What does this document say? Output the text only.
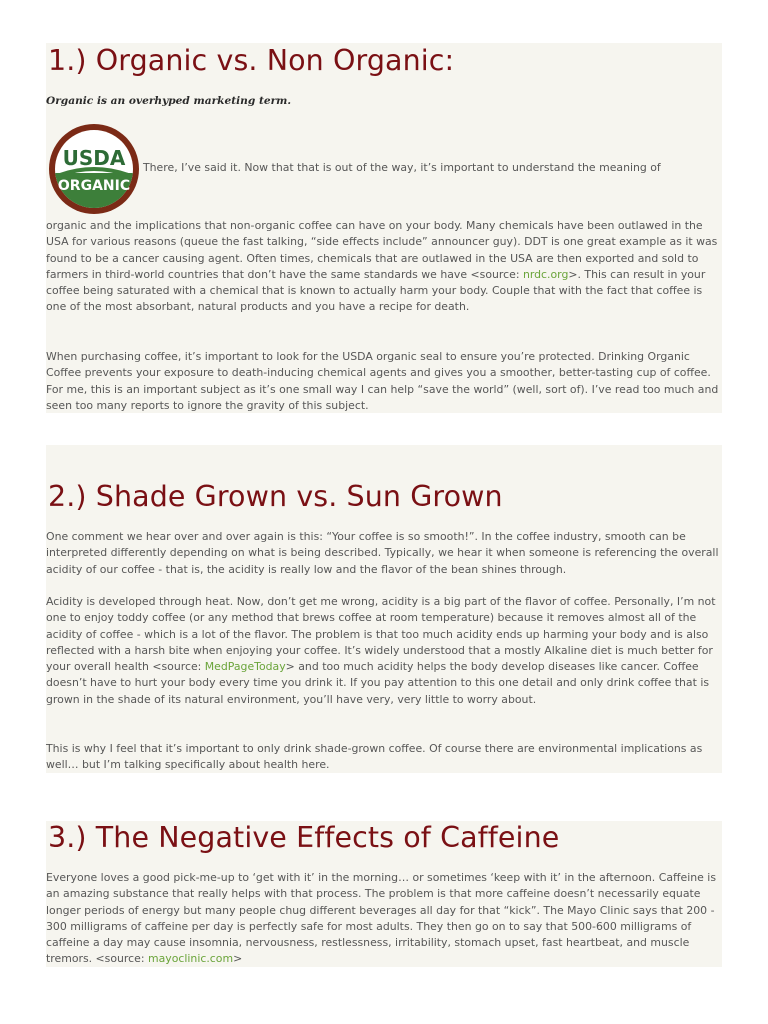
1.) Organic vs. Non Organic:

Organic is an overhyped marketing term.

USDA
ORGANIC
There, I’ve said it. Now that that is out of the way, it’s important to understand the meaning of

organic and the implications that non-organic coffee can have on your body. Many chemicals have been outlawed in the USA for various reasons (queue the fast talking, “side effects include” announcer guy). DDT is one great example as it was found to be a cancer causing agent. Often times, chemicals that are outlawed in the USA are then exported and sold to farmers in third-world countries that don’t have the same standards we have <source: nrdc.org>. This can result in your coffee being saturated with a chemical that is known to actually harm your body. Couple that with the fact that coffee is one of the most absorbant, natural products and you have a recipe for death.

When purchasing coffee, it’s important to look for the USDA organic seal to ensure you’re protected. Drinking Organic Coffee prevents your exposure to death-inducing chemical agents and gives you a smoother, better-tasting cup of coffee. For me, this is an important subject as it’s one small way I can help “save the world” (well, sort of). I’ve read too much and seen too many reports to ignore the gravity of this subject.

2.) Shade Grown vs. Sun Grown

One comment we hear over and over again is this: “Your coffee is so smooth!”. In the coffee industry, smooth can be interpreted differently depending on what is being described. Typically, we hear it when someone is referencing the overall acidity of our coffee - that is, the acidity is really low and the flavor of the bean shines through.

Acidity is developed through heat. Now, don’t get me wrong, acidity is a big part of the flavor of coffee. Personally, I’m not one to enjoy toddy coffee (or any method that brews coffee at room temperature) because it removes almost all of the acidity of coffee - which is a lot of the flavor. The problem is that too much acidity ends up harming your body and is also reflected with a harsh bite when enjoying your coffee. It’s widely understood that a mostly Alkaline diet is much better for your overall health <source: MedPageToday> and too much acidity helps the body develop diseases like cancer. Coffee doesn’t have to hurt your body every time you drink it. If you pay attention to this one detail and only drink coffee that is grown in the shade of its natural environment, you’ll have very, very little to worry about.

This is why I feel that it’s important to only drink shade-grown coffee. Of course there are environmental implications as well… but I’m talking specifically about health here.

3.) The Negative Effects of Caffeine

Everyone loves a good pick-me-up to ‘get with it’ in the morning… or sometimes ‘keep with it’ in the afternoon. Caffeine is an amazing substance that really helps with that process. The problem is that more caffeine doesn’t necessarily equate longer periods of energy but many people chug different beverages all day for that “kick”. The Mayo Clinic says that 200 - 300 milligrams of caffeine per day is perfectly safe for most adults. They then go on to say that 500-600 milligrams of caffeine a day may cause insomnia, nervousness, restlessness, irritability, stomach upset, fast heartbeat, and muscle tremors. <source: mayoclinic.com>
